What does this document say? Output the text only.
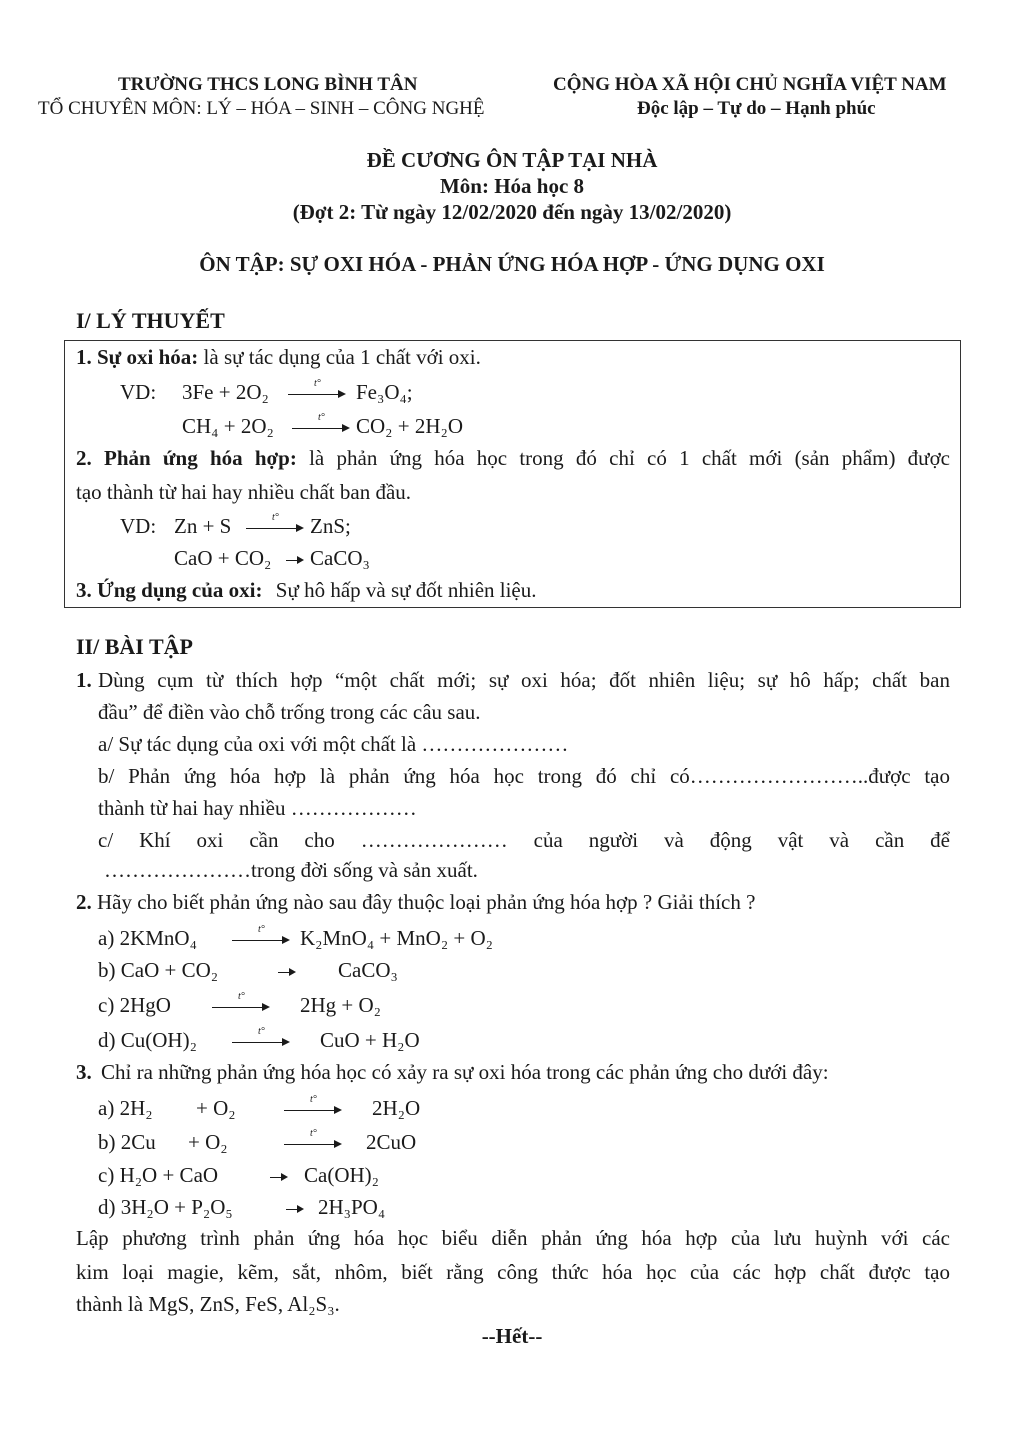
TRƯỜNG THCS LONG BÌNH TÂN
TỔ CHUYÊN MÔN: LÝ – HÓA – SINH – CÔNG NGHỆ
CỘNG HÒA XÃ HỘI CHỦ NGHĨA VIỆT NAM
Độc lập – Tự do – Hạnh phúc
ĐỀ CƯƠNG ÔN TẬP TẠI NHÀ
Môn: Hóa học 8
(Đợt 2: Từ ngày 12/02/2020 đến ngày 13/02/2020)
ÔN TẬP: SỰ OXI HÓA - PHẢN ỨNG HÓA HỢP - ỨNG DỤNG OXI
I/ LÝ THUYẾT
1. Sự oxi hóa: là sự tác dụng của 1 chất với oxi.
VD: 3Fe + 2O₂	t° Fe₃O₄;
CH₄ + 2O₂	t° CO₂ + 2H₂O
2. Phản ứng hóa hợp: là phản ứng hóa học trong đó chỉ có 1 chất mới (sản phẩm) được
tạo thành từ hai hay nhiều chất ban đầu.
VD: Zn + S	t° ZnS;
CaO + CO₂ CaCO₃
3. Ứng dụng của oxi: Sự hô hấp và sự đốt nhiên liệu.
II/ BÀI TẬP
1. Dùng cụm từ thích hợp “một chất mới; sự oxi hóa; đốt nhiên liệu; sự hô hấp; chất ban
đầu” để điền vào chỗ trống trong các câu sau.
a/ Sự tác dụng của oxi với một chất là …………………
b/ Phản ứng hóa hợp là phản ứng hóa học trong đó chỉ có……………………..được tạo
thành từ hai hay nhiều ………………
c/ Khí oxi cần cho ………………… của người và động vật và cần để
…………………trong đời sống và sản xuất.
2. Hãy cho biết phản ứng nào sau đây thuộc loại phản ứng hóa hợp ? Giải thích ?
a) 2KMnO₄	t° K₂MnO₄ + MnO₂ + O₂
b) CaO + CO₂	CaCO₃
c) 2HgO	t°	2Hg + O₂
d) Cu(OH)₂	t°	CuO + H₂O
3. Chỉ ra những phản ứng hóa học có xảy ra sự oxi hóa trong các phản ứng cho dưới đây:
a) 2H₂ + O₂	t°	2H₂O
b) 2Cu + O₂	t° 2CuO
c) H₂O + CaO	Ca(OH)₂
d) 3H₂O + P₂O₅	2H₃PO₄
Lập phương trình phản ứng hóa học biểu diễn phản ứng hóa hợp của lưu huỳnh với các
kim loại magie, kẽm, sắt, nhôm, biết rằng công thức hóa học của các hợp chất được tạo
thành là MgS, ZnS, FeS, Al₂S₃.
--Hết--
